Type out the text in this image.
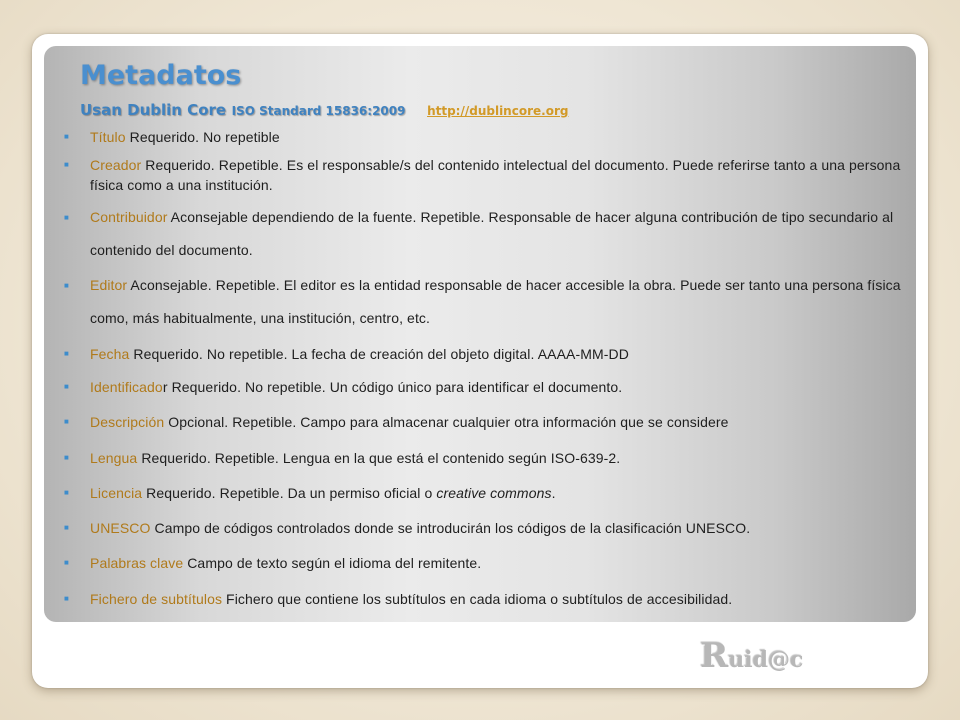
Metadatos
Usan Dublin Core ISO Standard 15836:2009 http://dublincore.org
■ Título Requerido. No repetible
■ Creador Requerido. Repetible. Es el responsable/s del contenido intelectual del documento. Puede referirse tanto a una persona física como a una institución.
■ Contribuidor Aconsejable dependiendo de la fuente. Repetible. Responsable de hacer alguna contribución de tipo secundario al contenido del documento.
■ Editor Aconsejable. Repetible. El editor es la entidad responsable de hacer accesible la obra. Puede ser tanto una persona física como, más habitualmente, una institución, centro, etc.
■ Fecha Requerido. No repetible. La fecha de creación del objeto digital. AAAA-MM-DD
■ Identificador Requerido. No repetible. Un código único para identificar el documento.
■ Descripción Opcional. Repetible. Campo para almacenar cualquier otra información que se considere
■ Lengua Requerido. Repetible. Lengua en la que está el contenido según ISO-639-2.
■ Licencia Requerido. Repetible. Da un permiso oficial o creative commons.
■ UNESCO Campo de códigos controlados donde se introducirán los códigos de la clasificación UNESCO.
■ Palabras clave Campo de texto según el idioma del remitente.
■ Fichero de subtítulos Fichero que contiene los subtítulos en cada idioma o subtítulos de accesibilidad.
Ruid@c
